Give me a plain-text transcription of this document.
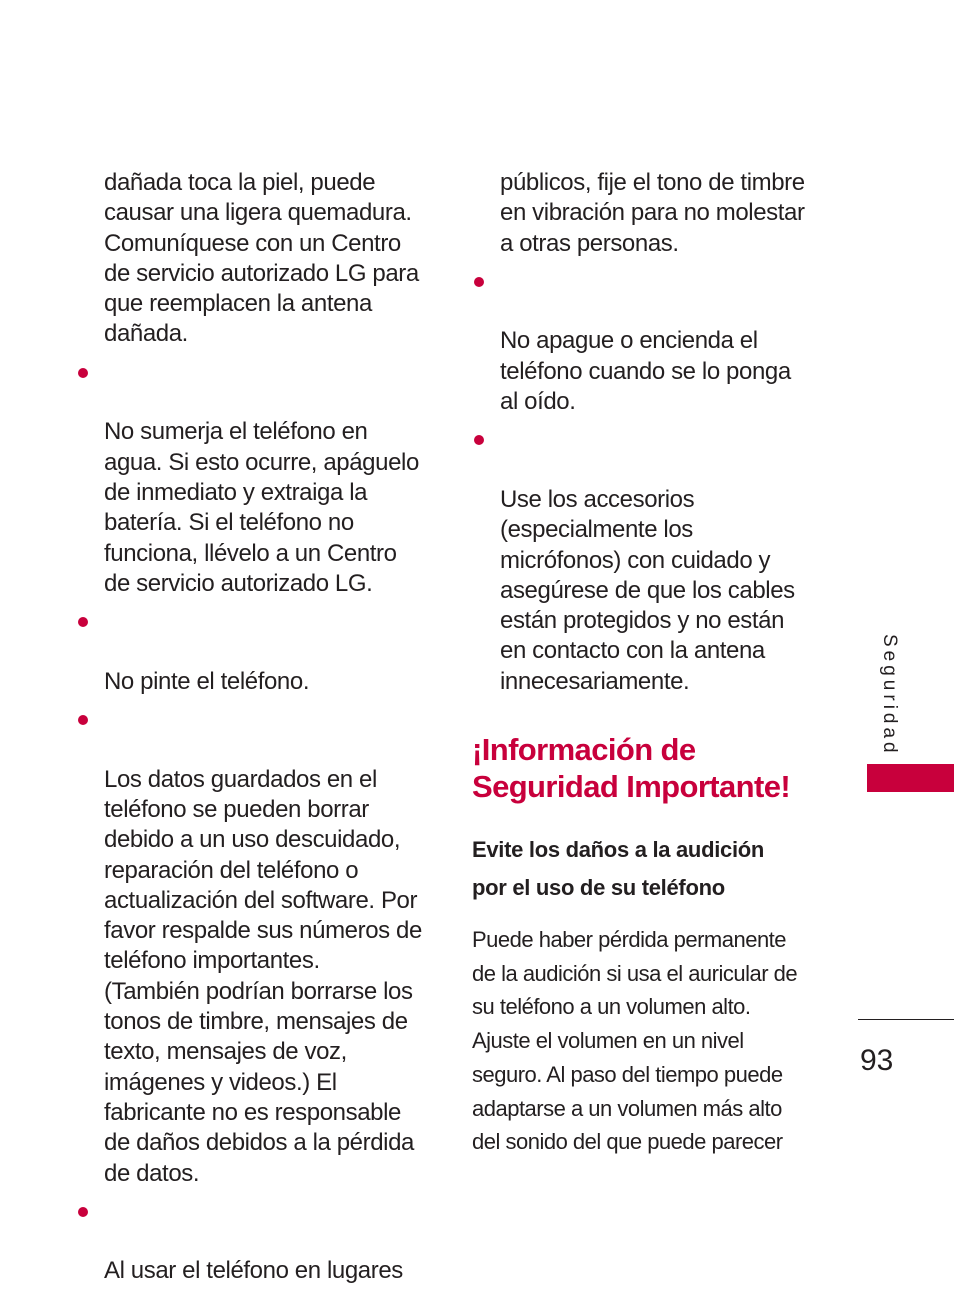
dañada toca la piel, puede
causar una ligera quemadura.
Comuníquese con un Centro
de servicio autorizado LG para
que reemplacen la antena
dañada.

No sumerja el teléfono en
agua. Si esto ocurre, apáguelo
de inmediato y extraiga la
batería. Si el teléfono no
funciona, llévelo a un Centro
de servicio autorizado LG.

No pinte el teléfono.

Los datos guardados en el
teléfono se pueden borrar
debido a un uso descuidado,
reparación del teléfono o
actualización del software. Por
favor respalde sus números de
teléfono importantes.
(También podrían borrarse los
tonos de timbre, mensajes de
texto, mensajes de voz,
imágenes y videos.) El
fabricante no es responsable
de daños debidos a la pérdida
de datos.

Al usar el teléfono en lugares

públicos, fije el tono de timbre
en vibración para no molestar
a otras personas.

No apague o encienda el
teléfono cuando se lo ponga
al oído.

Use los accesorios
(especialmente los
micrófonos) con cuidado y
asegúrese de que los cables
están protegidos y no están
en contacto con la antena
innecesariamente.

¡Información de
Seguridad Importante!
Evite los daños a la audición
por el uso de su teléfono

Puede haber pérdida permanente
de la audición si usa el auricular de
su teléfono a un volumen alto.
Ajuste el volumen en un nivel
seguro. Al paso del tiempo puede
adaptarse a un volumen más alto
del sonido del que puede parecer

Seguridad
93
